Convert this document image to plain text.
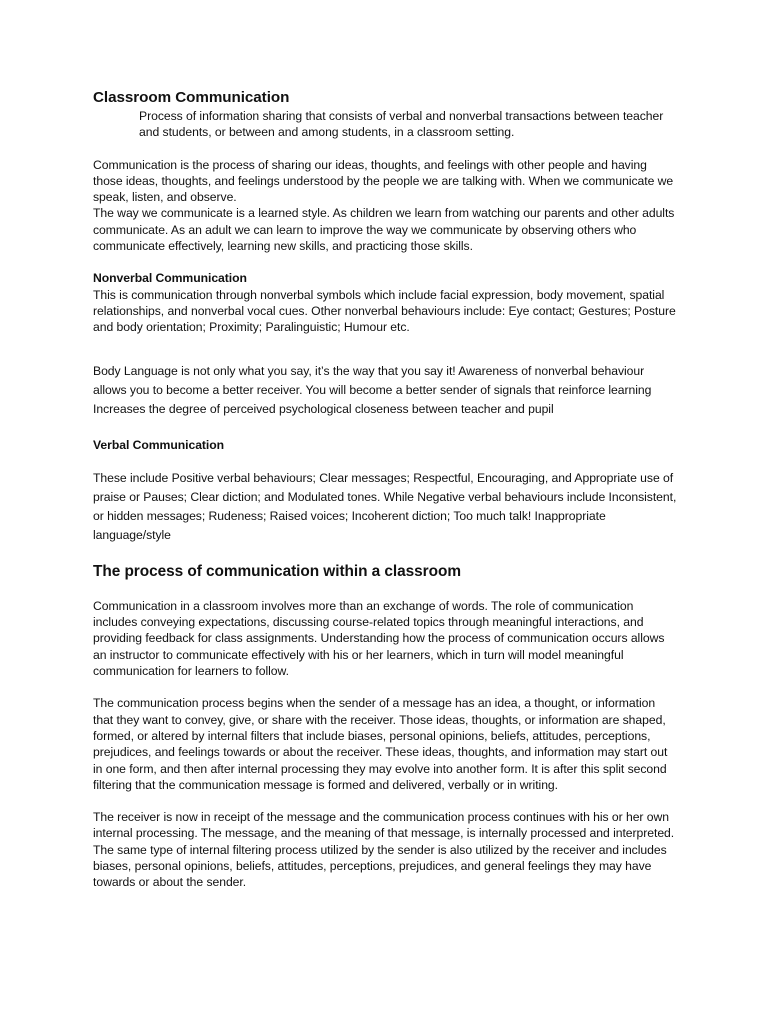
Classroom Communication

Process of information sharing that consists of verbal and nonverbal transactions between teacher and students, or between and among students, in a classroom setting.

Communication is the process of sharing our ideas, thoughts, and feelings with other people and having those ideas, thoughts, and feelings understood by the people we are talking with. When we communicate we speak, listen, and observe.

The way we communicate is a learned style. As children we learn from watching our parents and other adults communicate. As an adult we can learn to improve the way we communicate by observing others who communicate effectively, learning new skills, and practicing those skills.

Nonverbal Communication

This is communication through nonverbal symbols which include facial expression, body movement, spatial relationships, and nonverbal vocal cues. Other nonverbal behaviours include: Eye contact; Gestures; Posture and body orientation; Proximity; Paralinguistic; Humour etc.

Body Language is not only what you say, it’s the way that you say it! Awareness of nonverbal behaviour allows you to become a better receiver. You will become a better sender of signals that reinforce learning Increases the degree of perceived psychological closeness between teacher and pupil

Verbal Communication

These include Positive verbal behaviours; Clear messages; Respectful, Encouraging, and Appropriate use of praise or Pauses; Clear diction; and Modulated tones. While Negative verbal behaviours include Inconsistent, or hidden messages; Rudeness; Raised voices; Incoherent diction; Too much talk! Inappropriate language/style

The process of communication within a classroom

Communication in a classroom involves more than an exchange of words. The role of communication includes conveying expectations, discussing course-related topics through meaningful interactions, and providing feedback for class assignments. Understanding how the process of communication occurs allows an instructor to communicate effectively with his or her learners, which in turn will model meaningful communication for learners to follow.

The communication process begins when the sender of a message has an idea, a thought, or information that they want to convey, give, or share with the receiver. Those ideas, thoughts, or information are shaped, formed, or altered by internal filters that include biases, personal opinions, beliefs, attitudes, perceptions, prejudices, and feelings towards or about the receiver. These ideas, thoughts, and information may start out in one form, and then after internal processing they may evolve into another form. It is after this split second filtering that the communication message is formed and delivered, verbally or in writing.

The receiver is now in receipt of the message and the communication process continues with his or her own internal processing. The message, and the meaning of that message, is internally processed and interpreted. The same type of internal filtering process utilized by the sender is also utilized by the receiver and includes biases, personal opinions, beliefs, attitudes, perceptions, prejudices, and general feelings they may have towards or about the sender.
